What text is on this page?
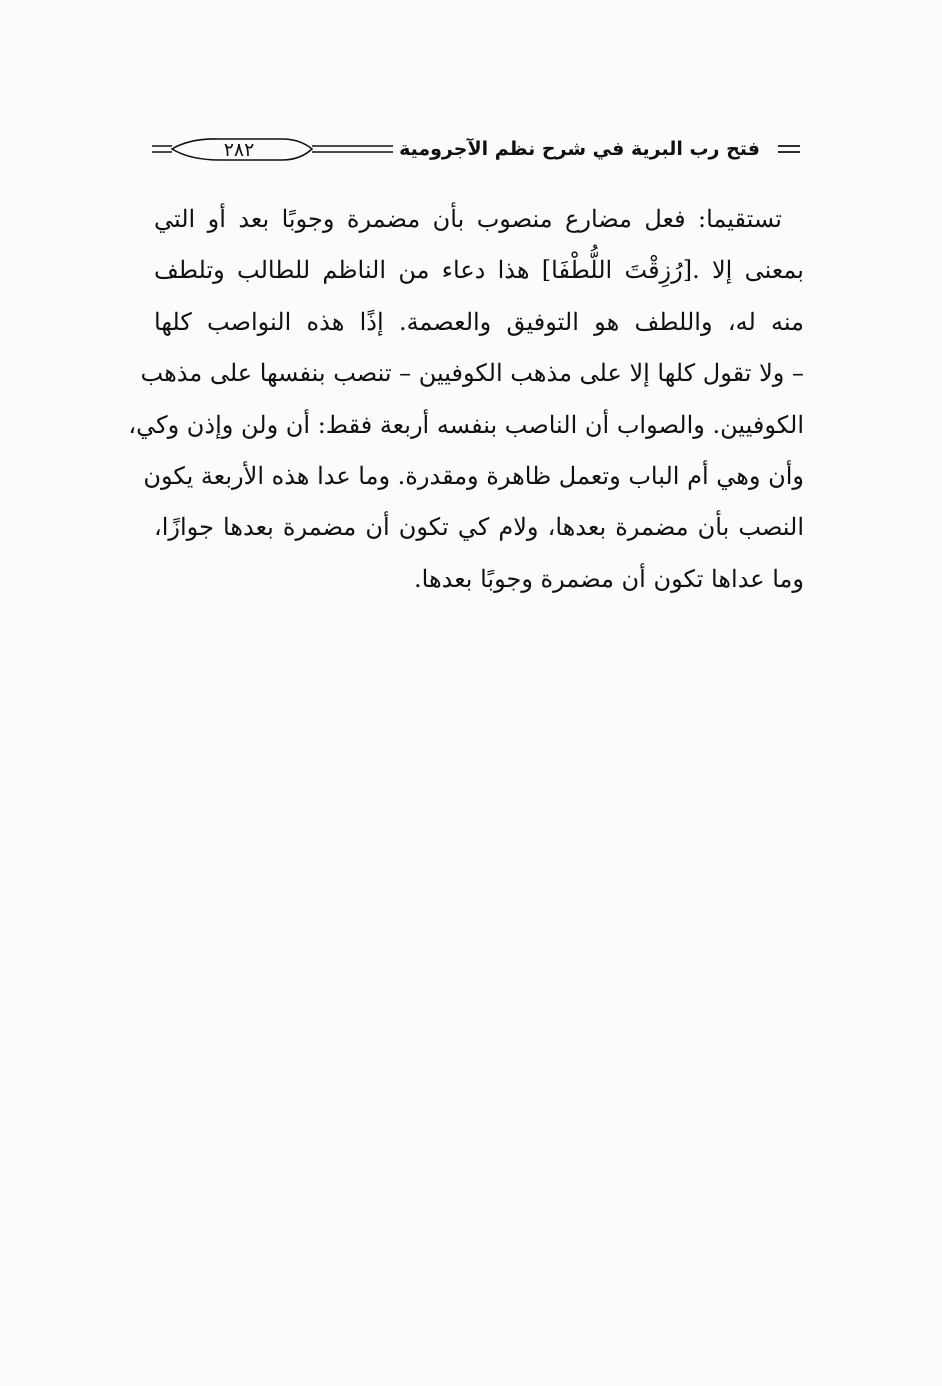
٢٨٢	فتح رب البرية في شرح نظم الآجرومية
تستقيما: فعل مضارع منصوب بأن مضمرة وجوبًا بعد أو التي
بمعنى إلا .[رُزِقْتَ اللُّطْفَا] هذا دعاء من الناظم للطالب وتلطف
منه له، واللطف هو التوفيق والعصمة. إذًا هذه النواصب كلها
– ولا تقول كلها إلا على مذهب الكوفيين – تنصب بنفسها على مذهب
الكوفيين. والصواب أن الناصب بنفسه أربعة فقط: أن ولن وإذن وكي،
وأن وهي أم الباب وتعمل ظاهرة ومقدرة. وما عدا هذه الأربعة يكون
النصب بأن مضمرة بعدها، ولام كي تكون أن مضمرة بعدها جوازًا،
وما عداها تكون أن مضمرة وجوبًا بعدها.
